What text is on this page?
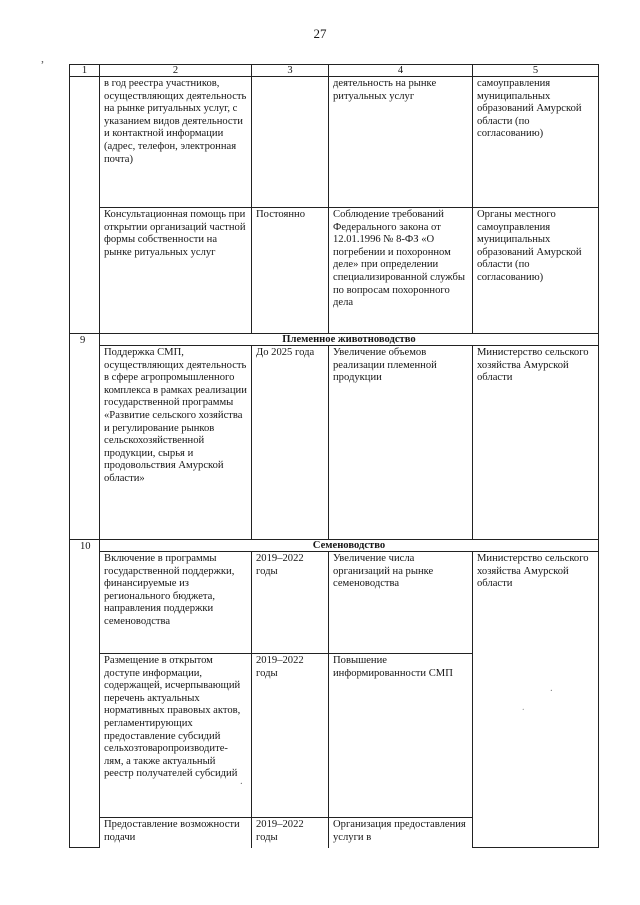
27
,
.
.
.
1	2	3	4	5
	в год реестра участников, осуществляющих деятельность на рынке ритуальных услуг, с указанием видов деятельности и контактной информации (адрес, телефон, электронная почта)		деятельность на рынке ритуальных услуг	самоуправления муниципальных образований Амурской области (по согласованию)
	Консультационная помощь при открытии организаций частной формы собственности на рынке ритуальных услуг	Постоянно	Соблюдение требований Федерального закона от 12.01.1996 № 8-ФЗ «О погребении и похоронном деле» при определении специализированной службы по вопросам похоронного дела	Органы местного самоуправления муниципальных образований Амурской области (по согласованию)
9	Племенное животноводство			
	Поддержка СМП, осуществляющих деятельность в сфере агропромышленного комплекса в рамках реализации государственной программы «Развитие сельского хозяйства и регулирование рынков сельскохозяйственной продукции, сырья и продовольствия Амурской области»	До 2025 года	Увеличение объемов реализации племенной продукции	Министерство сельского хозяйства Амурской области
10	Семеноводство			
	Включение в программы государственной поддержки, финансируемые из регионального бюджета, направления поддержки семеноводства	2019–2022 годы	Увеличение числа организаций на рынке семеноводства	Министерство сельского хозяйства Амурской области
	Размещение в открытом доступе информации, содержащей, исчерпывающий перечень актуальных нормативных правовых актов, регламентирующих предоставление субсидий сельхозтоваропроизводите-лям, а также актуальный реестр получателей субсидий	2019–2022 годы	Повышение информированности СМП	
	Предоставление возможности подачи	2019–2022 годы	Организация предоставления услуги в	
